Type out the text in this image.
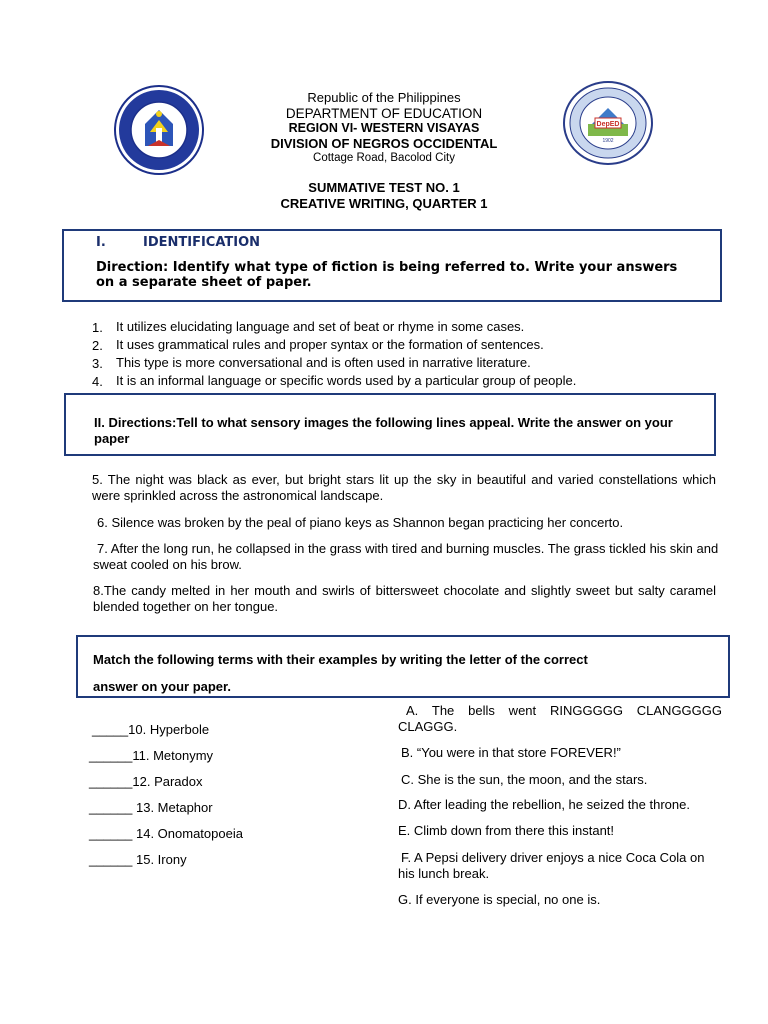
DepED
1902
Republic of the Philippines
DEPARTMENT OF EDUCATION
REGION VI- WESTERN VISAYAS
DIVISION OF NEGROS OCCIDENTAL
Cottage Road, Bacolod City
SUMMATIVE TEST NO. 1
CREATIVE WRITING, QUARTER 1
I.	IDENTIFICATION
Direction: Identify what type of fiction is being referred to. Write your answers on a separate sheet of paper.
1. It utilizes elucidating language and set of beat or rhyme in some cases.
2. It uses grammatical rules and proper syntax or the formation of sentences.
3. This type is more conversational and is often used in narrative literature.
4. It is an informal language or specific words used by a particular group of people.
II. Directions:Tell to what sensory images the following lines appeal. Write the answer on your paper
5. The night was black as ever, but bright stars lit up the sky in beautiful and varied constellations which were sprinkled across the astronomical landscape.
6. Silence was broken by the peal of piano keys as Shannon began practicing her concerto.
7. After the long run, he collapsed in the grass with tired and burning muscles. The grass tickled his skin and sweat cooled on his brow.
8.The candy melted in her mouth and swirls of bittersweet chocolate and slightly sweet but salty caramel blended together on her tongue.
Match the following terms with their examples by writing the letter of the correct
answer on your paper.
_____10. Hyperbole
______11. Metonymy
______12. Paradox
______ 13. Metaphor
______ 14. Onomatopoeia
______ 15. Irony
A. The bells went RINGGGGG CLANGGGGG CLAGGG.
B. “You were in that store FOREVER!”
C. She is the sun, the moon, and the stars.
D. After leading the rebellion, he seized the throne.
E. Climb down from there this instant!
F. A Pepsi delivery driver enjoys a nice Coca Cola on his lunch break.
G. If everyone is special, no one is.
